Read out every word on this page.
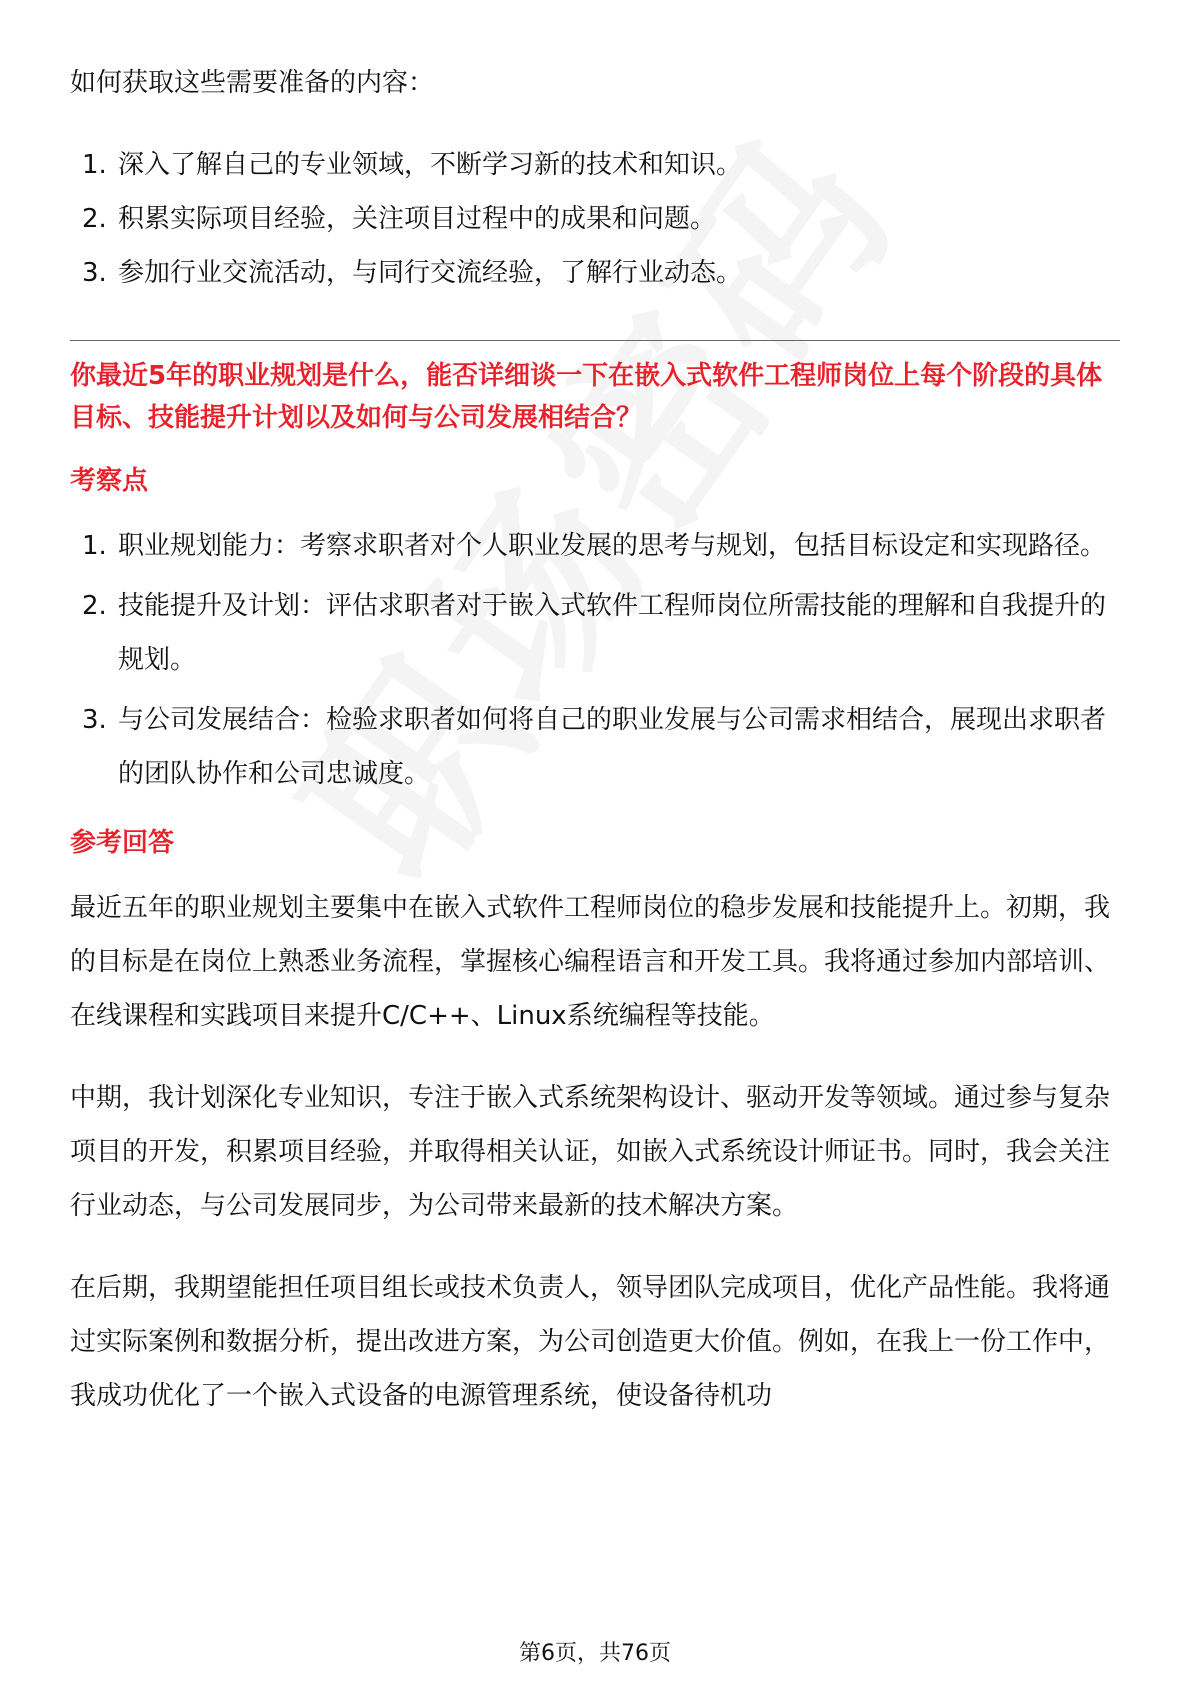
如何获取这些需要准备的内容：

1. 深入了解自己的专业领域，不断学习新的技术和知识。
2. 积累实际项目经验，关注项目过程中的成果和问题。
3. 参加行业交流活动，与同行交流经验，了解行业动态。

你最近5年的职业规划是什么，能否详细谈一下在嵌入式软件工程师岗位上每个阶段的具体目标、技能提升计划以及如何与公司发展相结合？

考察点
1. 职业规划能力：考察求职者对个人职业发展的思考与规划，包括目标设定和实现路径。
2. 技能提升及计划：评估求职者对于嵌入式软件工程师岗位所需技能的理解和自我提升的规划。
3. 与公司发展结合：检验求职者如何将自己的职业发展与公司需求相结合，展现出求职者的团队协作和公司忠诚度。
参考回答

最近五年的职业规划主要集中在嵌入式软件工程师岗位的稳步发展和技能提升上。初期，我的目标是在岗位上熟悉业务流程，掌握核心编程语言和开发工具。我将通过参加内部培训、在线课程和实践项目来提升C/C++、Linux系统编程等技能。

中期，我计划深化专业知识，专注于嵌入式系统架构设计、驱动开发等领域。通过参与复杂项目的开发，积累项目经验，并取得相关认证，如嵌入式系统设计师证书。同时，我会关注行业动态，与公司发展同步，为公司带来最新的技术解决方案。

在后期，我期望能担任项目组长或技术负责人，领导团队完成项目，优化产品性能。我将通过实际案例和数据分析，提出改进方案，为公司创造更大价值。例如，在我上一份工作中，我成功优化了一个嵌入式设备的电源管理系统，使设备待机功

第6页，共76页
